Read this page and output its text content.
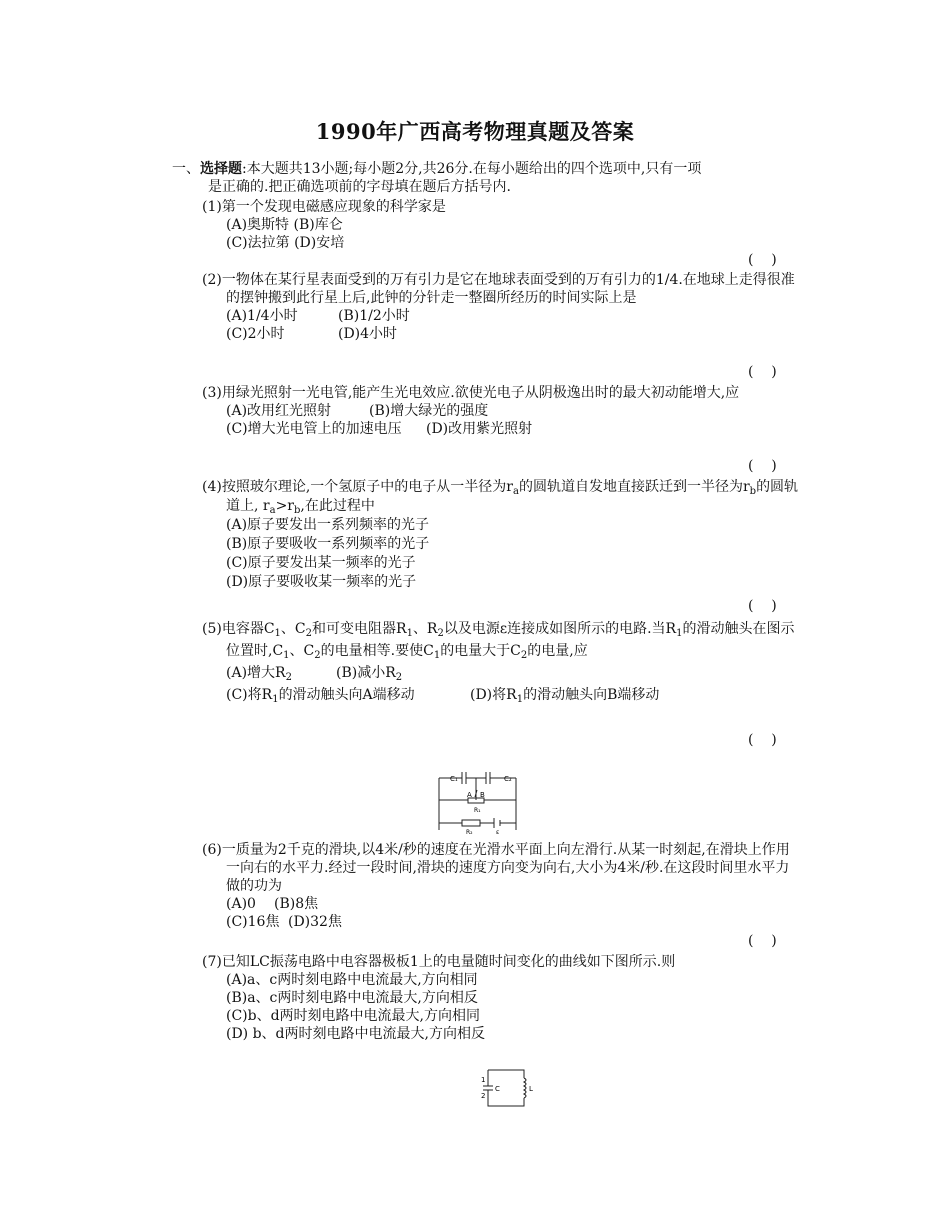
1990年广西高考物理真题及答案
一、选择题:本大题共13小题;每小题2分,共26分.在每小题给出的四个选项中,只有一项
是正确的.把正确选项前的字母填在题后方括号内.
(1)第一个发现电磁感应现象的科学家是
(A)奥斯特 (B)库仑
(C)法拉第 (D)安培
(    )
(2)一物体在某行星表面受到的万有引力是它在地球表面受到的万有引力的1/4.在地球上走得很准的摆钟搬到此行星上后,此钟的分针走一整圈所经历的时间实际上是
(A)1/4小时	(B)1/2小时
(C)2小时	(D)4小时
(    )
(3)用绿光照射一光电管,能产生光电效应.欲使光电子从阴极逸出时的最大初动能增大,应
(A)改用红光照射	(B)增大绿光的强度
(C)增大光电管上的加速电压 (D)改用紫光照射
(    )
(4)按照玻尔理论,一个氢原子中的电子从一半径为$r_a$的圆轨道自发地直接跃迁到一半径为$r_b$的圆轨道上, $r_a>r_b$,在此过程中
(A)原子要发出一系列频率的光子
(B)原子要吸收一系列频率的光子
(C)原子要发出某一频率的光子
(D)原子要吸收某一频率的光子
(    )
(5)电容器$C_1$、$C_2$和可变电阻器$R_1$、$R_2$以及电源ε连接成如图所示的电路.当$R_1$的滑动触头在图示位置时$,C_1$、$C_2$的电量相等.要使$C_1$的电量大于$C_2$的电量,应
(A)增大$R_2$	(B)减小$R_2$
(C)将$R_1$的滑动触头向A端移动	(D)将$R_1$的滑动触头向B端移动
(    )
C₁	C₂
A B
R₁
R₂	ε
(6)一质量为2千克的滑块,以4米/秒的速度在光滑水平面上向左滑行.从某一时刻起,在滑块上作用一向右的水平力.经过一段时间,滑块的速度方向变为向右,大小为4米/秒.在这段时间里水平力做的功为
(A)0 (B)8焦
(C)16焦 (D)32焦
(    )
(7)已知LC振荡电路中电容器极板1上的电量随时间变化的曲线如下图所示.则
(A)a、c两时刻电路中电流最大,方向相同
(B)a、c两时刻电路中电流最大,方向相反
(C)b、d两时刻电路中电流最大,方向相同
(D) b、d两时刻电路中电流最大,方向相反
1
2
C	L
